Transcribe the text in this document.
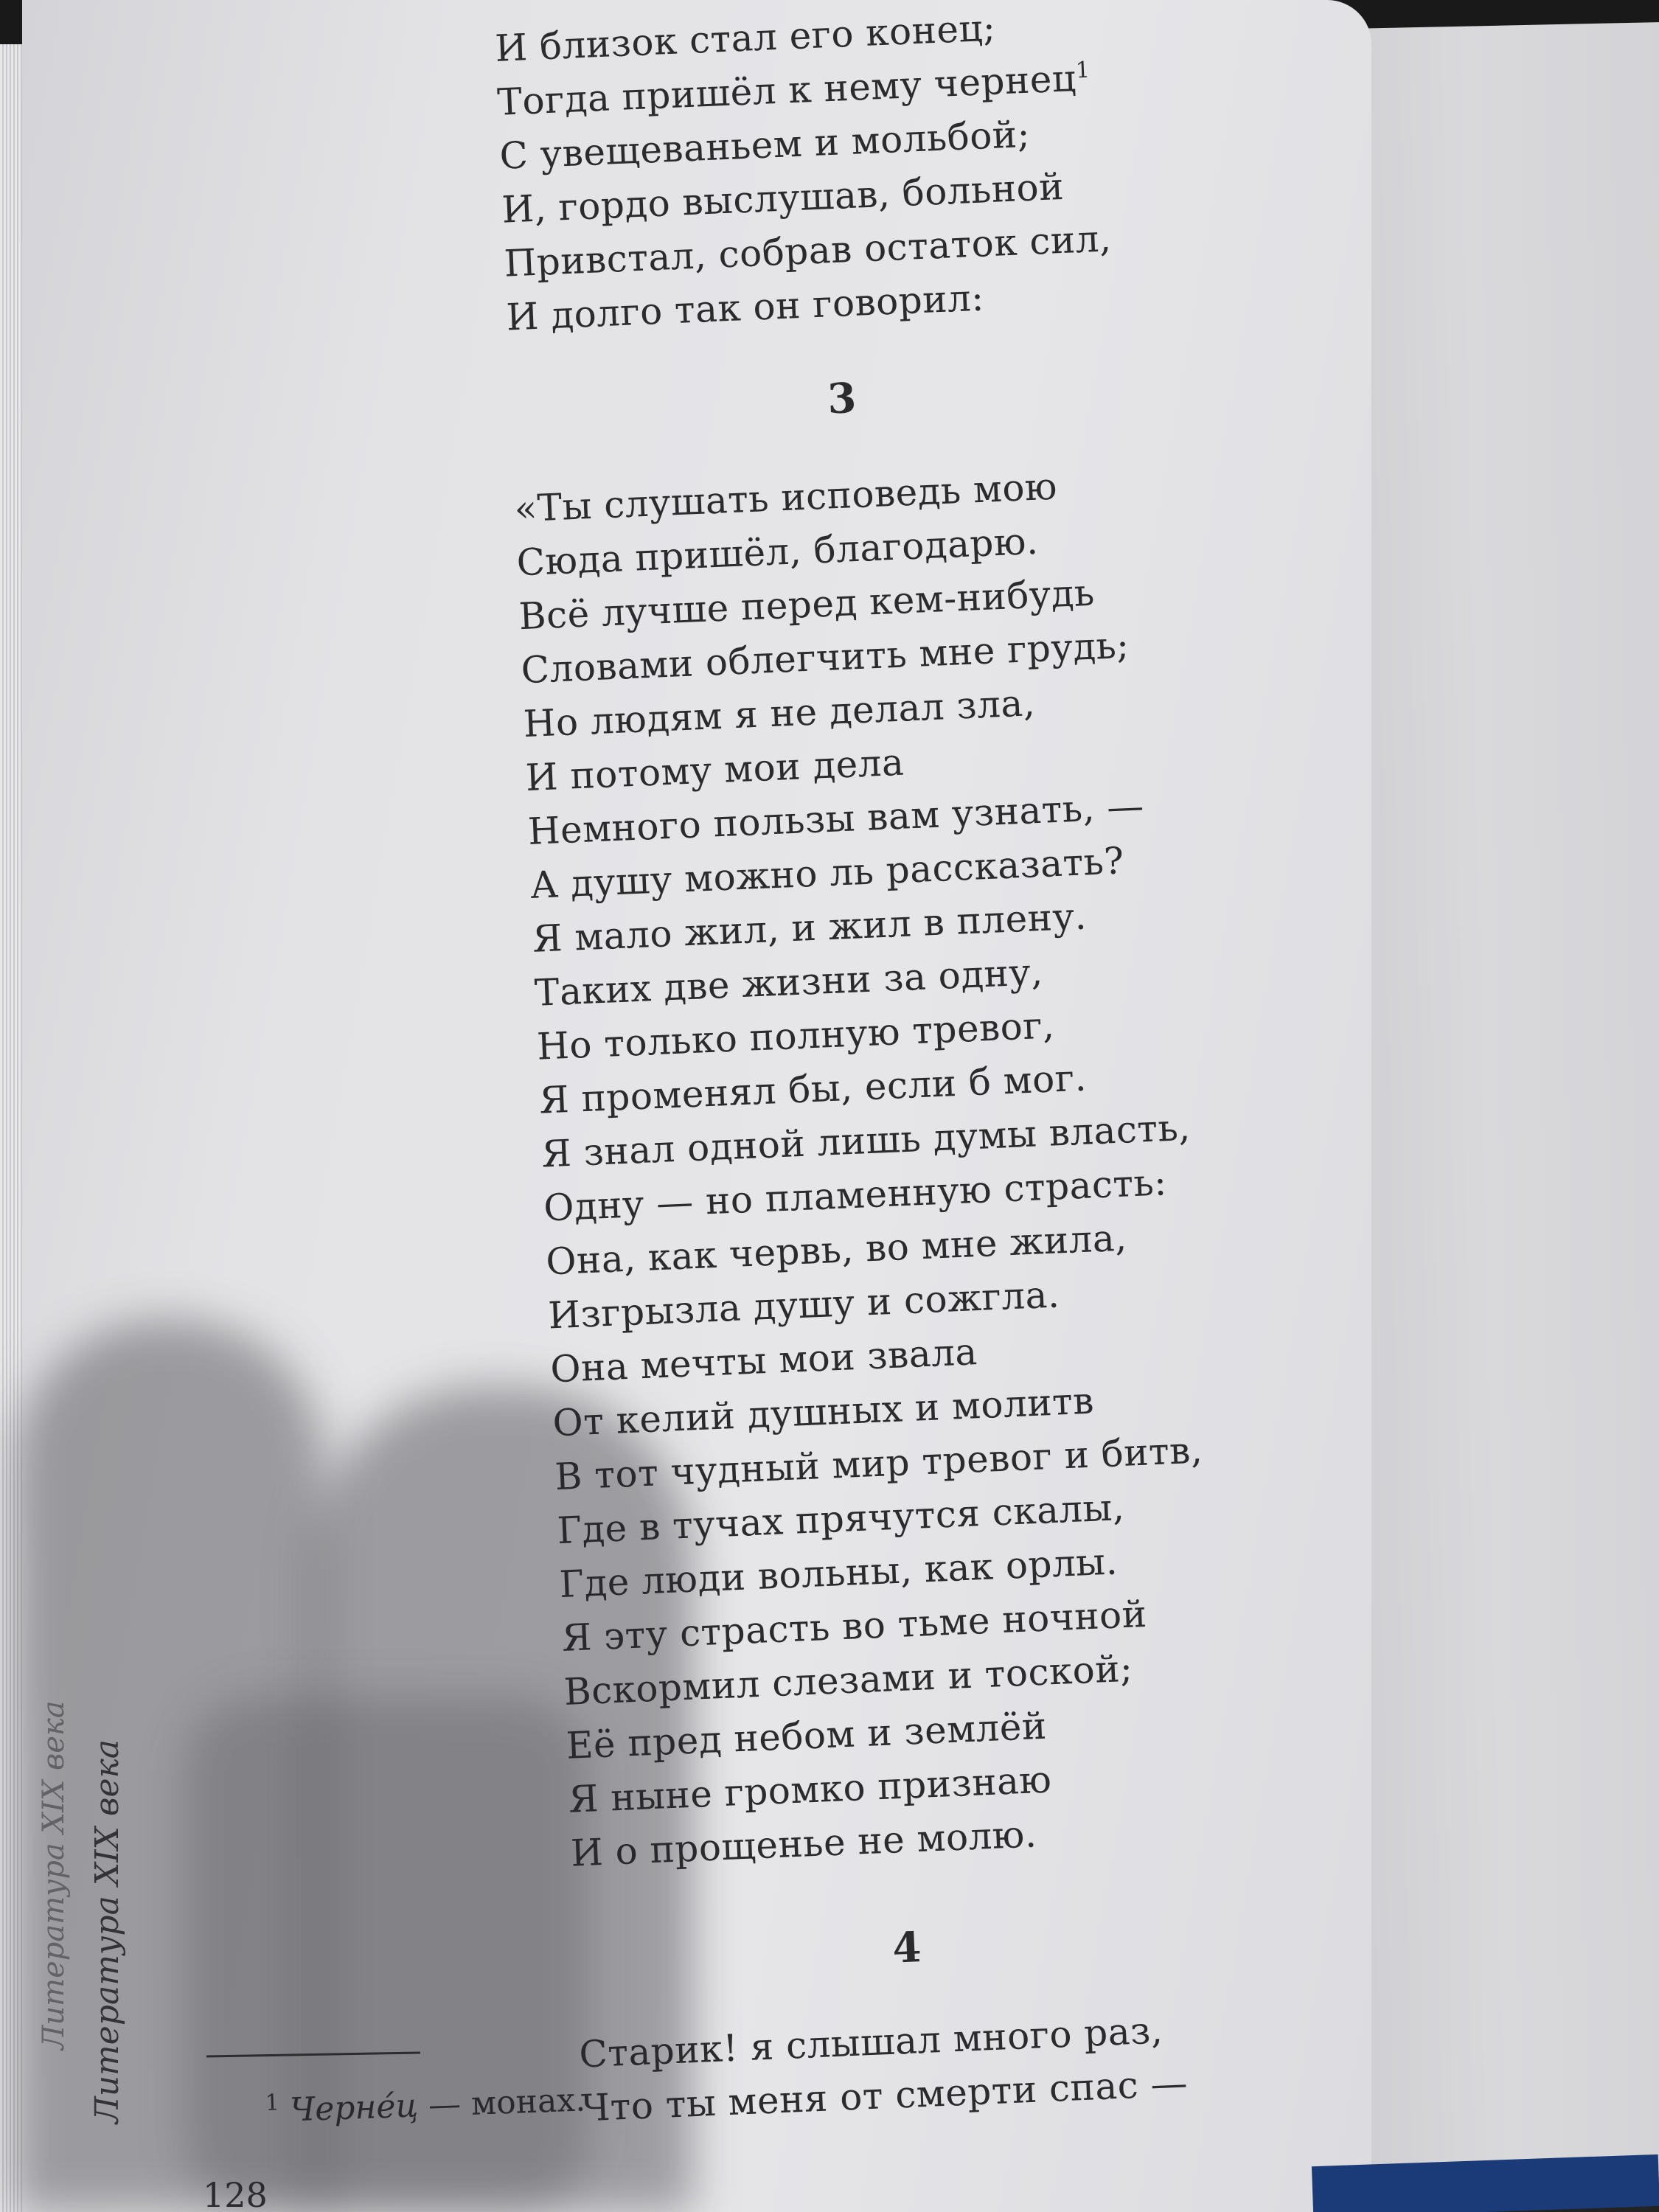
И близок стал его конец;
Тогда пришёл к нему чернец$^1$
С увещеваньем и мольбой;
И, гордо выслушав, больной
Привстал, собрав остаток сил,
И долго так он говорил:
3
«Ты слушать исповедь мою
Сюда пришёл, благодарю.
Всё лучше перед кем-нибудь
Словами облегчить мне грудь;
Но людям я не делал зла,
И потому мои дела
Немного пользы вам узнать, —
А душу можно ль рассказать?
Я мало жил, и жил в плену.
Таких две жизни за одну,
Но только полную тревог,
Я променял бы, если б мог.
Я знал одной лишь думы власть,
Одну — но пламенную страсть:
Она, как червь, во мне жила,
Изгрызла душу и сожгла.
Она мечты мои звала
От келий душных и молитв
В тот чудный мир тревог и битв,
Где в тучах прячутся скалы,
Где люди вольны, как орлы.
Я эту страсть во тьме ночной
Вскормил слезами и тоской;
Её пред небом и землёй
Я ныне громко признаю
И о прощенье не молю.
4
Старик! я слышал много раз,
Что ты меня от смерти спас —
$^1$ Чернéц — монах.
128
Литература XIX века Литература XIX века
